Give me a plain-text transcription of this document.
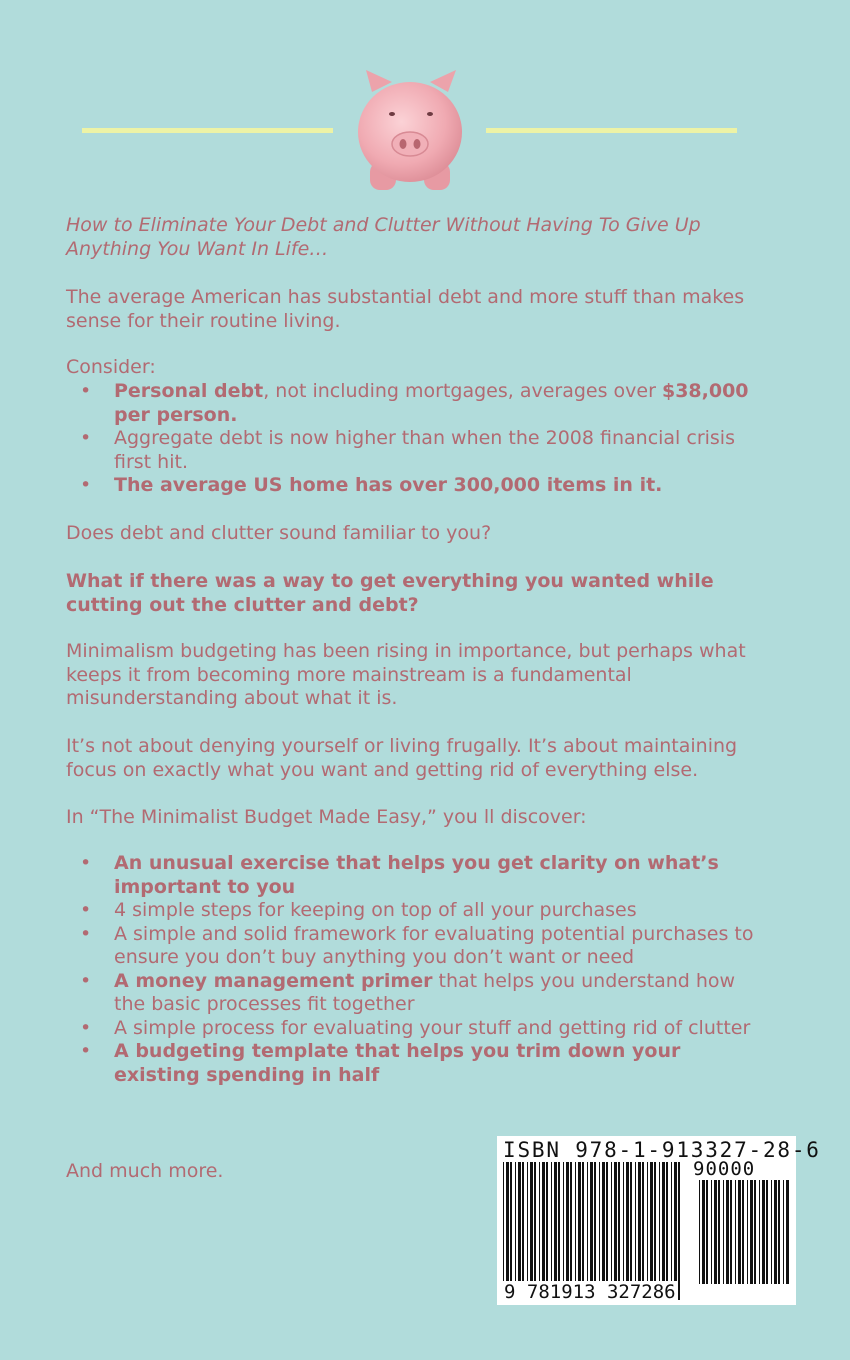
How to Eliminate Your Debt and Clutter Without Having To Give Up Anything You Want In Life…

The average American has substantial debt and more stuff than makes sense for their routine living.

Consider:

• Personal debt, not including mortgages, averages over $38,000 per person.
• Aggregate debt is now higher than when the 2008 financial crisis first hit.
• The average US home has over 300,000 items in it.

Does debt and clutter sound familiar to you?

What if there was a way to get everything you wanted while cutting out the clutter and debt?

Minimalism budgeting has been rising in importance, but perhaps what keeps it from becoming more mainstream is a fundamental misunderstanding about what it is.

It’s not about denying yourself or living frugally. It’s about maintaining focus on exactly what you want and getting rid of everything else.

In “The Minimalist Budget Made Easy,” you ll discover:

• An unusual exercise that helps you get clarity on what’s important to you
• 4 simple steps for keeping on top of all your purchases
• A simple and solid framework for evaluating potential purchases to ensure you don’t buy anything you don’t want or need
• A money management primer that helps you understand how the basic processes fit together
• A simple process for evaluating your stuff and getting rid of clutter
• A budgeting template that helps you trim down your existing spending in half

And much more.

ISBN 978-1-913327-28-6
90000
9 781913 327286
